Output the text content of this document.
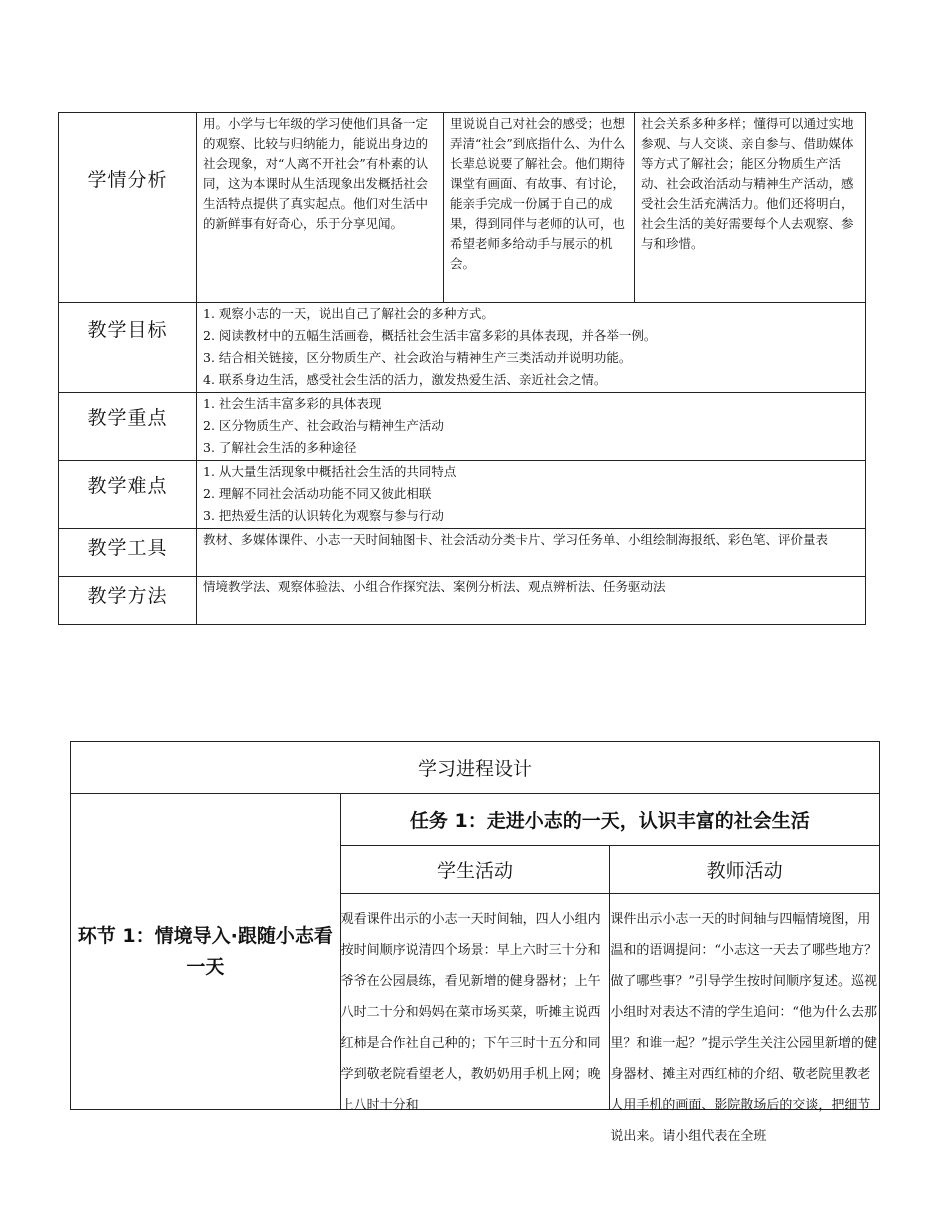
学情分析	用。小学与七年级的学习使他们具备一定的观察、比较与归纳能力，能说出身边的社会现象，对“人离不开社会”有朴素的认同，这为本课时从生活现象出发概括社会生活特点提供了真实起点。他们对生活中的新鲜事有好奇心，乐于分享见闻。	里说说自己对社会的感受；也想弄清“社会”到底指什么、为什么长辈总说要了解社会。他们期待课堂有画面、有故事、有讨论，能亲手完成一份属于自己的成果，得到同伴与老师的认可，也希望老师多给动手与展示的机会。	社会关系多种多样；懂得可以通过实地参观、与人交谈、亲自参与、借助媒体等方式了解社会；能区分物质生产活动、社会政治活动与精神生产活动，感受社会生活充满活力。他们还将明白，社会生活的美好需要每个人去观察、参与和珍惜。

教学目标	1. 观察小志的一天，说出自己了解社会的多种方式。
2. 阅读教材中的五幅生活画卷，概括社会生活丰富多彩的具体表现，并各举一例。
3. 结合相关链接，区分物质生产、社会政治与精神生产三类活动并说明功能。
4. 联系身边生活，感受社会生活的活力，激发热爱生活、亲近社会之情。		

教学重点	1. 社会生活丰富多彩的具体表现
2. 区分物质生产、社会政治与精神生产活动
3. 了解社会生活的多种途径		

教学难点	1. 从大量生活现象中概括社会生活的共同特点
2. 理解不同社会活动功能不同又彼此相联
3. 把热爱生活的认识转化为观察与参与行动		

教学工具	教材、多媒体课件、小志一天时间轴图卡、社会活动分类卡片、学习任务单、小组绘制海报纸、彩色笔、评价量表		

教学方法	情境教学法、观察体验法、小组合作探究法、案例分析法、观点辨析法、任务驱动法		
学习进程设计		
环节 1：情境导入·跟随小志看一天	任务 1：走进小志的一天，认识丰富的社会生活	
	学生活动	教师活动

	观看课件出示的小志一天时间轴，四人小组内按时间顺序说清四个场景：早上六时三十分和爷爷在公园晨练，看见新增的健身器材；上午八时二十分和妈妈在菜市场买菜，听摊主说西红柿是合作社自己种的；下午三时十五分和同学到敬老院看望老人，教奶奶用手机上网；晚上八时十分和	课件出示小志一天的时间轴与四幅情境图，用温和的语调提问：“小志这一天去了哪些地方？做了哪些事？”引导学生按时间顺序复述。巡视小组时对表达不清的学生追问：“他为什么去那里？和谁一起？”提示学生关注公园里新增的健身器材、摊主对西红柿的介绍、敬老院里教老人用手机的画面、影院散场后的交谈，把细节说出来。请小组代表在全班
